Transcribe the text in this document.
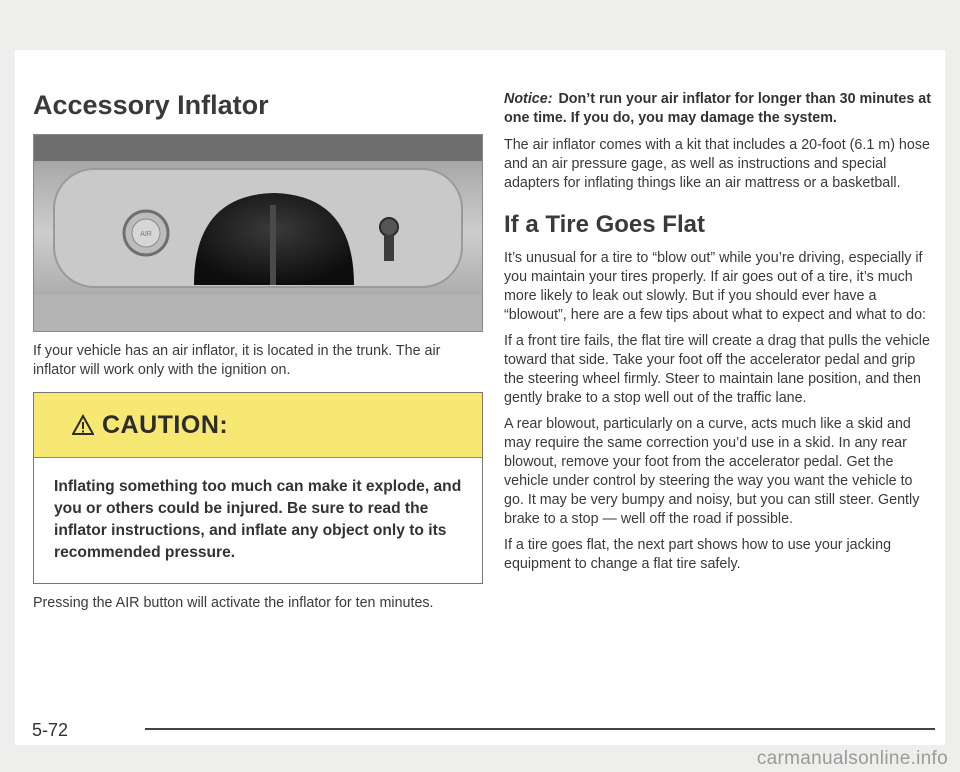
Accessory Inflator
AIR

If your vehicle has an air inflator, it is located in the trunk. The air inflator will work only with the ignition on.

CAUTION:
Inflating something too much can make it explode, and you or others could be injured. Be sure to read the inflator instructions, and inflate any object only to its recommended pressure.

Pressing the AIR button will activate the inflator for ten minutes.

Notice: Don’t run your air inflator for longer than 30 minutes at one time. If you do, you may damage the system.

The air inflator comes with a kit that includes a 20-foot (6.1 m) hose and an air pressure gage, as well as instructions and special adapters for inflating things like an air mattress or a basketball.

If a Tire Goes Flat

It’s unusual for a tire to “blow out” while you’re driving, especially if you maintain your tires properly. If air goes out of a tire, it’s much more likely to leak out slowly. But if you should ever have a “blowout”, here are a few tips about what to expect and what to do:

If a front tire fails, the flat tire will create a drag that pulls the vehicle toward that side. Take your foot off the accelerator pedal and grip the steering wheel firmly. Steer to maintain lane position, and then gently brake to a stop well out of the traffic lane.

A rear blowout, particularly on a curve, acts much like a skid and may require the same correction you’d use in a skid. In any rear blowout, remove your foot from the accelerator pedal. Get the vehicle under control by steering the way you want the vehicle to go. It may be very bumpy and noisy, but you can still steer. Gently brake to a stop — well off the road if possible.

If a tire goes flat, the next part shows how to use your jacking equipment to change a flat tire safely.

5-72
carmanualsonline.info
